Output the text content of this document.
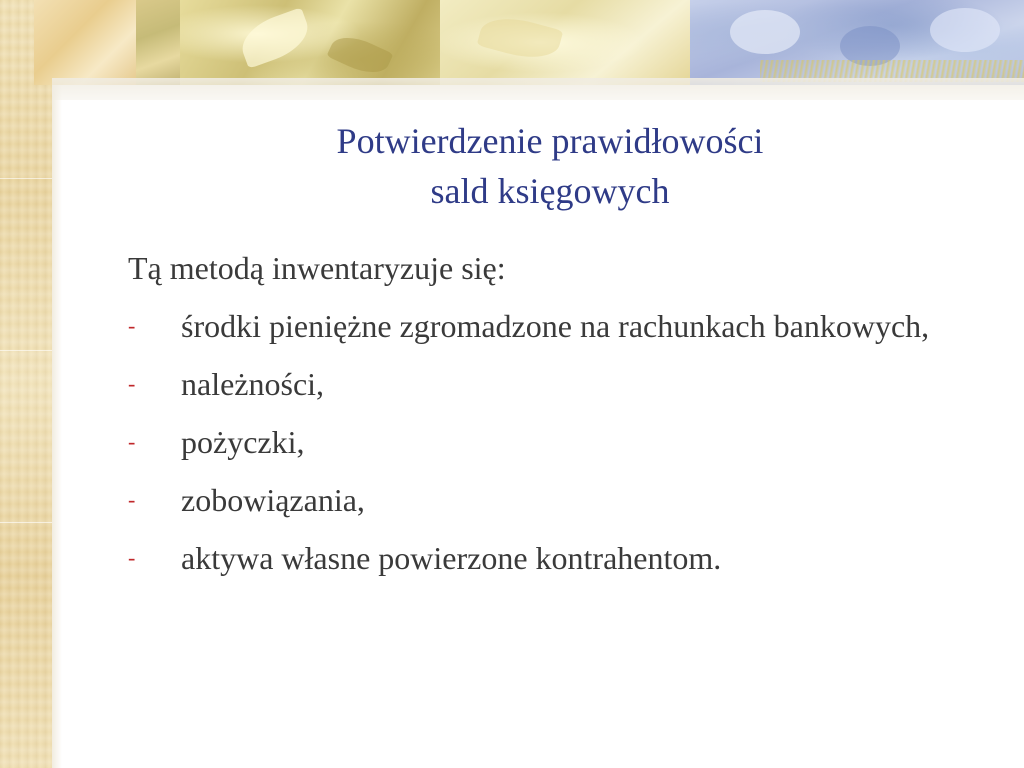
Potwierdzenie prawidłowości
sald księgowych

Tą metodą inwentaryzuje się:

- środki pieniężne zgromadzone na rachunkach bankowych,
- należności,
- pożyczki,
- zobowiązania,
- aktywa własne powierzone kontrahentom.
